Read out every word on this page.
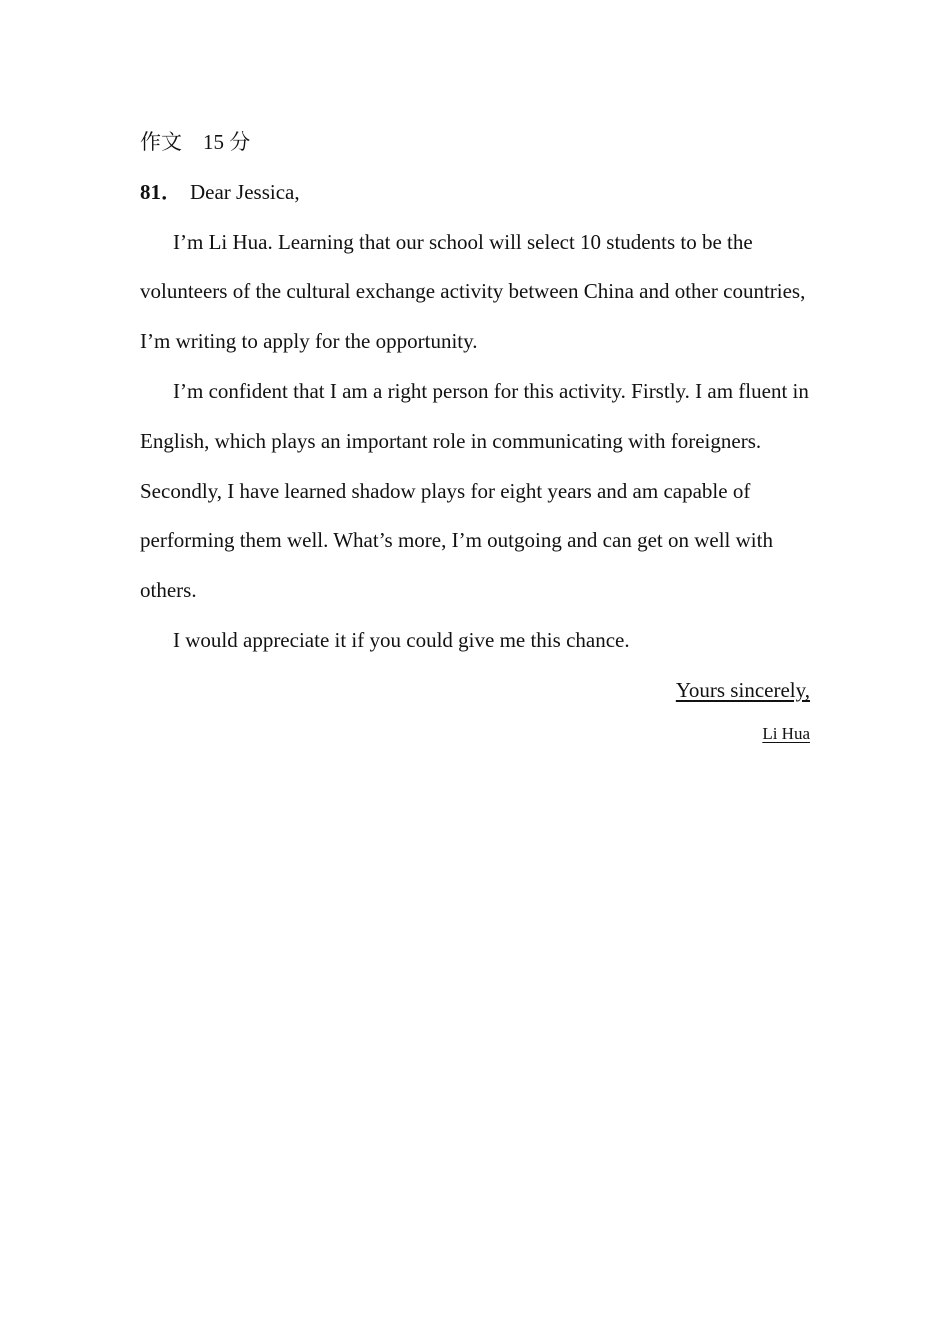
作文 15 分

81． Dear Jessica,

I’m Li Hua. Learning that our school will select 10 students to be the volunteers of the cultural exchange activity between China and other countries, I’m writing to apply for the opportunity.

I’m confident that I am a right person for this activity. Firstly. I am fluent in English, which plays an important role in communicating with foreigners. Secondly, I have learned shadow plays for eight years and am capable of performing them well. What’s more, I’m outgoing and can get on well with others.

I would appreciate it if you could give me this chance.

Yours sincerely,

Li Hua
